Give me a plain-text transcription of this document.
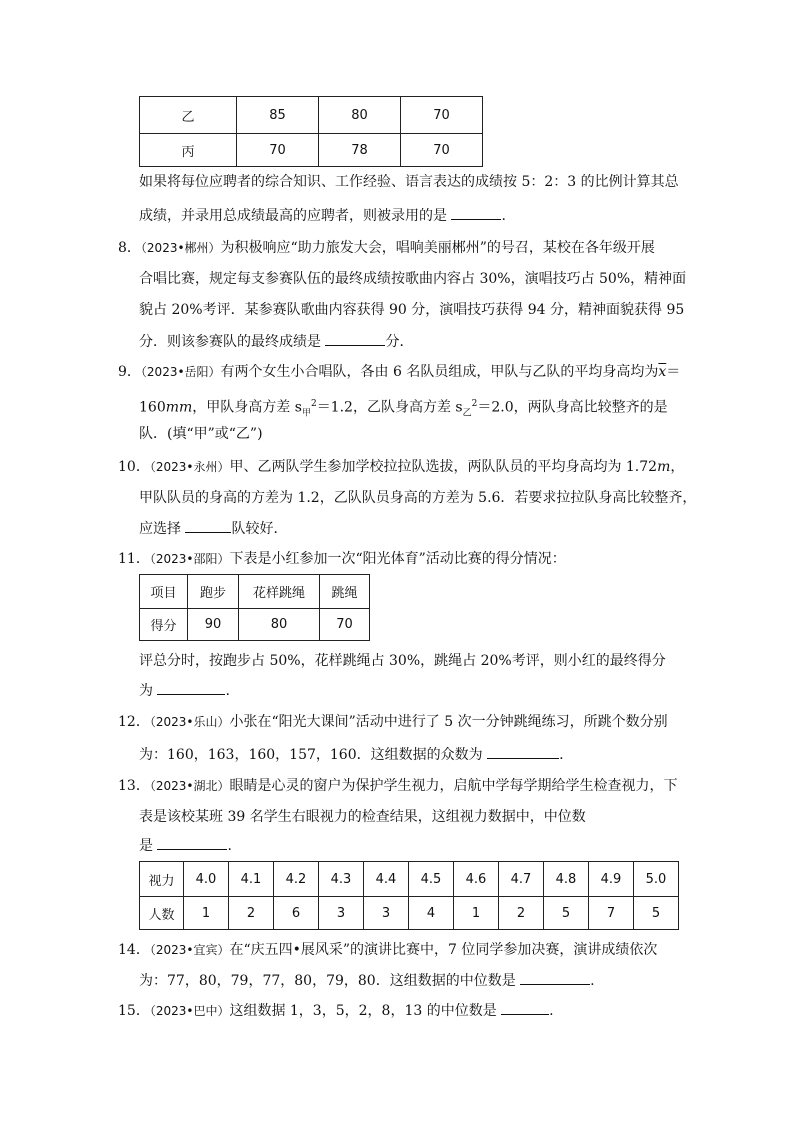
乙	85	80	70
丙	70	78	70
如果将每位应聘者的综合知识、工作经验、语言表达的成绩按 5：2：3 的比例计算其总
成绩，并录用总成绩最高的应聘者，则被录用的是	.
8．（2023•郴州）为积极响应“助力旅发大会，唱响美丽郴州”的号召，某校在各年级开展
合唱比赛，规定每支参赛队伍的最终成绩按歌曲内容占 30%，演唱技巧占 50%，精神面
貌占 20%考评．某参赛队歌曲内容获得 90 分，演唱技巧获得 94 分，精神面貌获得 95
分．则该参赛队的最终成绩是	分．
9．（2023•岳阳）有两个女生小合唱队，各由 6 名队员组成，甲队与乙队的平均身高均为$\overline{x}=$
160mm，甲队身高方差 $s_甲^2=1.2$，乙队身高方差 $s_乙^2=2.0$，两队身高比较整齐的是
队．(填“甲”或“乙”)
10．（2023•永州）甲、乙两队学生参加学校拉拉队选拔，两队队员的平均身高均为 1.72m，
甲队队员的身高的方差为 1.2，乙队队员身高的方差为 5.6．若要求拉拉队身高比较整齐，
应选择	队较好．
11．（2023•邵阳）下表是小红参加一次“阳光体育”活动比赛的得分情况：
项目	跑步	花样跳绳	跳绳
得分	90	80	70
评总分时，按跑步占 50%，花样跳绳占 30%，跳绳占 20%考评，则小红的最终得分
为	.
12．（2023•乐山）小张在“阳光大课间”活动中进行了 5 次一分钟跳绳练习，所跳个数分别
为：160，163，160，157，160．这组数据的众数为	.
13．（2023•湖北）眼睛是心灵的窗户为保护学生视力，启航中学每学期给学生检查视力，下
表是该校某班 39 名学生右眼视力的检查结果，这组视力数据中，中位数
是	.
视力	4.0	4.1	4.2	4.3	4.4	4.5	4.6	4.7	4.8	4.9	5.0
人数	1	2	6	3	3	4	1	2	5	7	5
14．（2023•宜宾）在“庆五四•展风采”的演讲比赛中，7 位同学参加决赛，演讲成绩依次
为：77，80，79，77，80，79，80．这组数据的中位数是	.
15．（2023•巴中）这组数据 1，3，5，2，8，13 的中位数是	.
